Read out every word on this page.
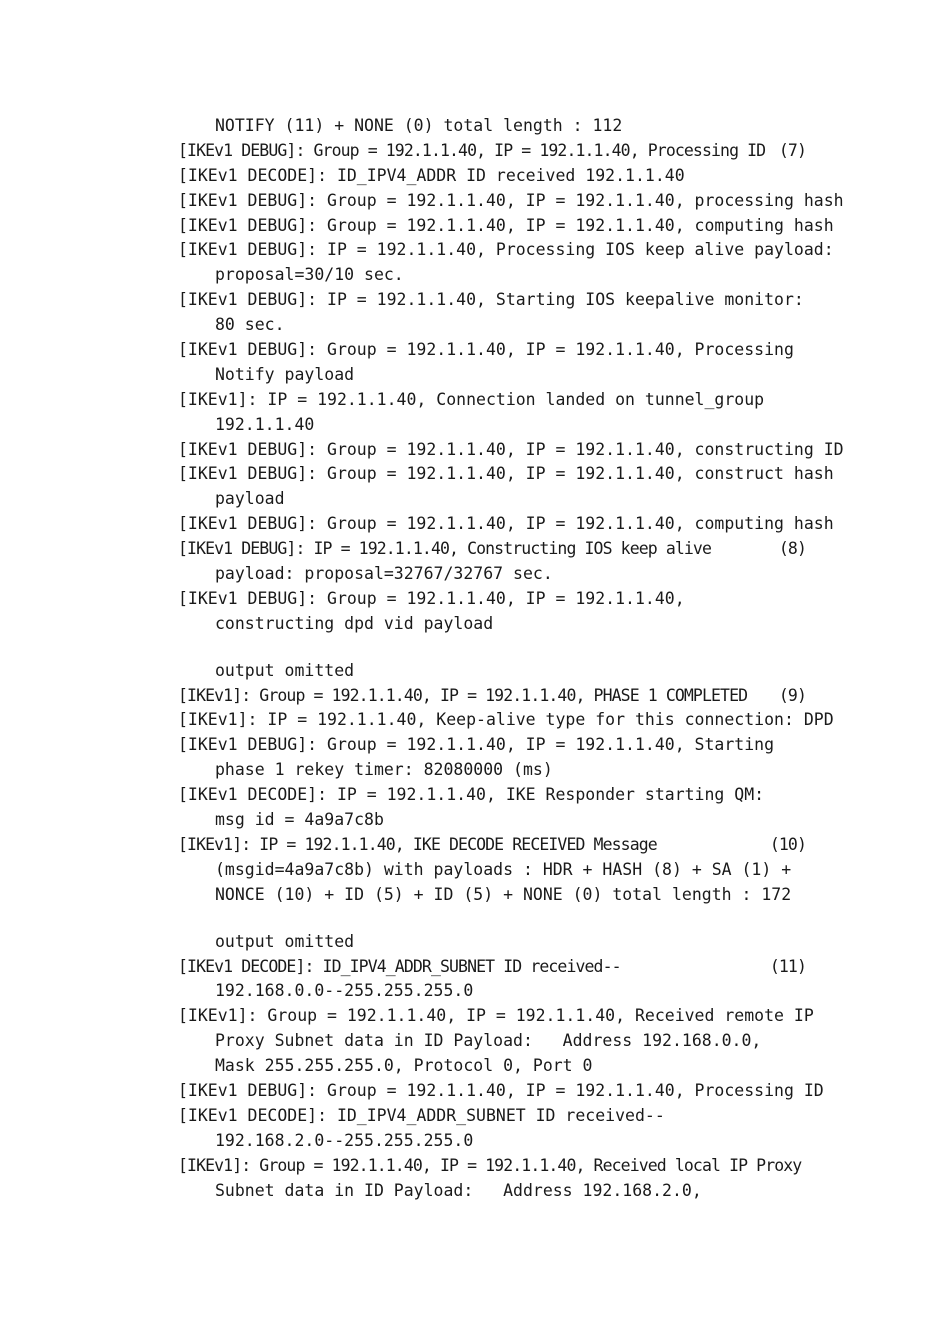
NOTIFY (11) + NONE (0) total length : 112
[IKEv1 DEBUG]: Group = 192.1.1.40, IP = 192.1.1.40, Processing ID (7)
[IKEv1 DECODE]: ID_IPV4_ADDR ID received 192.1.1.40
[IKEv1 DEBUG]: Group = 192.1.1.40, IP = 192.1.1.40, processing hash
[IKEv1 DEBUG]: Group = 192.1.1.40, IP = 192.1.1.40, computing hash
[IKEv1 DEBUG]: IP = 192.1.1.40, Processing IOS keep alive payload:
proposal=30/10 sec.
[IKEv1 DEBUG]: IP = 192.1.1.40, Starting IOS keepalive monitor:
80 sec.
[IKEv1 DEBUG]: Group = 192.1.1.40, IP = 192.1.1.40, Processing
Notify payload
[IKEv1]: IP = 192.1.1.40, Connection landed on tunnel_group
192.1.1.40
[IKEv1 DEBUG]: Group = 192.1.1.40, IP = 192.1.1.40, constructing ID
[IKEv1 DEBUG]: Group = 192.1.1.40, IP = 192.1.1.40, construct hash
payload
[IKEv1 DEBUG]: Group = 192.1.1.40, IP = 192.1.1.40, computing hash
[IKEv1 DEBUG]: IP = 192.1.1.40, Constructing IOS keep alive	(8)
payload: proposal=32767/32767 sec.
[IKEv1 DEBUG]: Group = 192.1.1.40, IP = 192.1.1.40,
constructing dpd vid payload
output omitted
[IKEv1]: Group = 192.1.1.40, IP = 192.1.1.40, PHASE 1 COMPLETED (9)
[IKEv1]: IP = 192.1.1.40, Keep-alive type for this connection: DPD
[IKEv1 DEBUG]: Group = 192.1.1.40, IP = 192.1.1.40, Starting
phase 1 rekey timer: 82080000 (ms)
[IKEv1 DECODE]: IP = 192.1.1.40, IKE Responder starting QM:
msg id = 4a9a7c8b
[IKEv1]: IP = 192.1.1.40, IKE DECODE RECEIVED Message	(10)
(msgid=4a9a7c8b) with payloads : HDR + HASH (8) + SA (1) +
NONCE (10) + ID (5) + ID (5) + NONE (0) total length : 172
output omitted
[IKEv1 DECODE]: ID_IPV4_ADDR_SUBNET ID received--	(11)
192.168.0.0--255.255.255.0
[IKEv1]: Group = 192.1.1.40, IP = 192.1.1.40, Received remote IP
Proxy Subnet data in ID Payload:   Address 192.168.0.0,
Mask 255.255.255.0, Protocol 0, Port 0
[IKEv1 DEBUG]: Group = 192.1.1.40, IP = 192.1.1.40, Processing ID
[IKEv1 DECODE]: ID_IPV4_ADDR_SUBNET ID received--
192.168.2.0--255.255.255.0
[IKEv1]: Group = 192.1.1.40, IP = 192.1.1.40, Received local IP Proxy
Subnet data in ID Payload:   Address 192.168.2.0,
